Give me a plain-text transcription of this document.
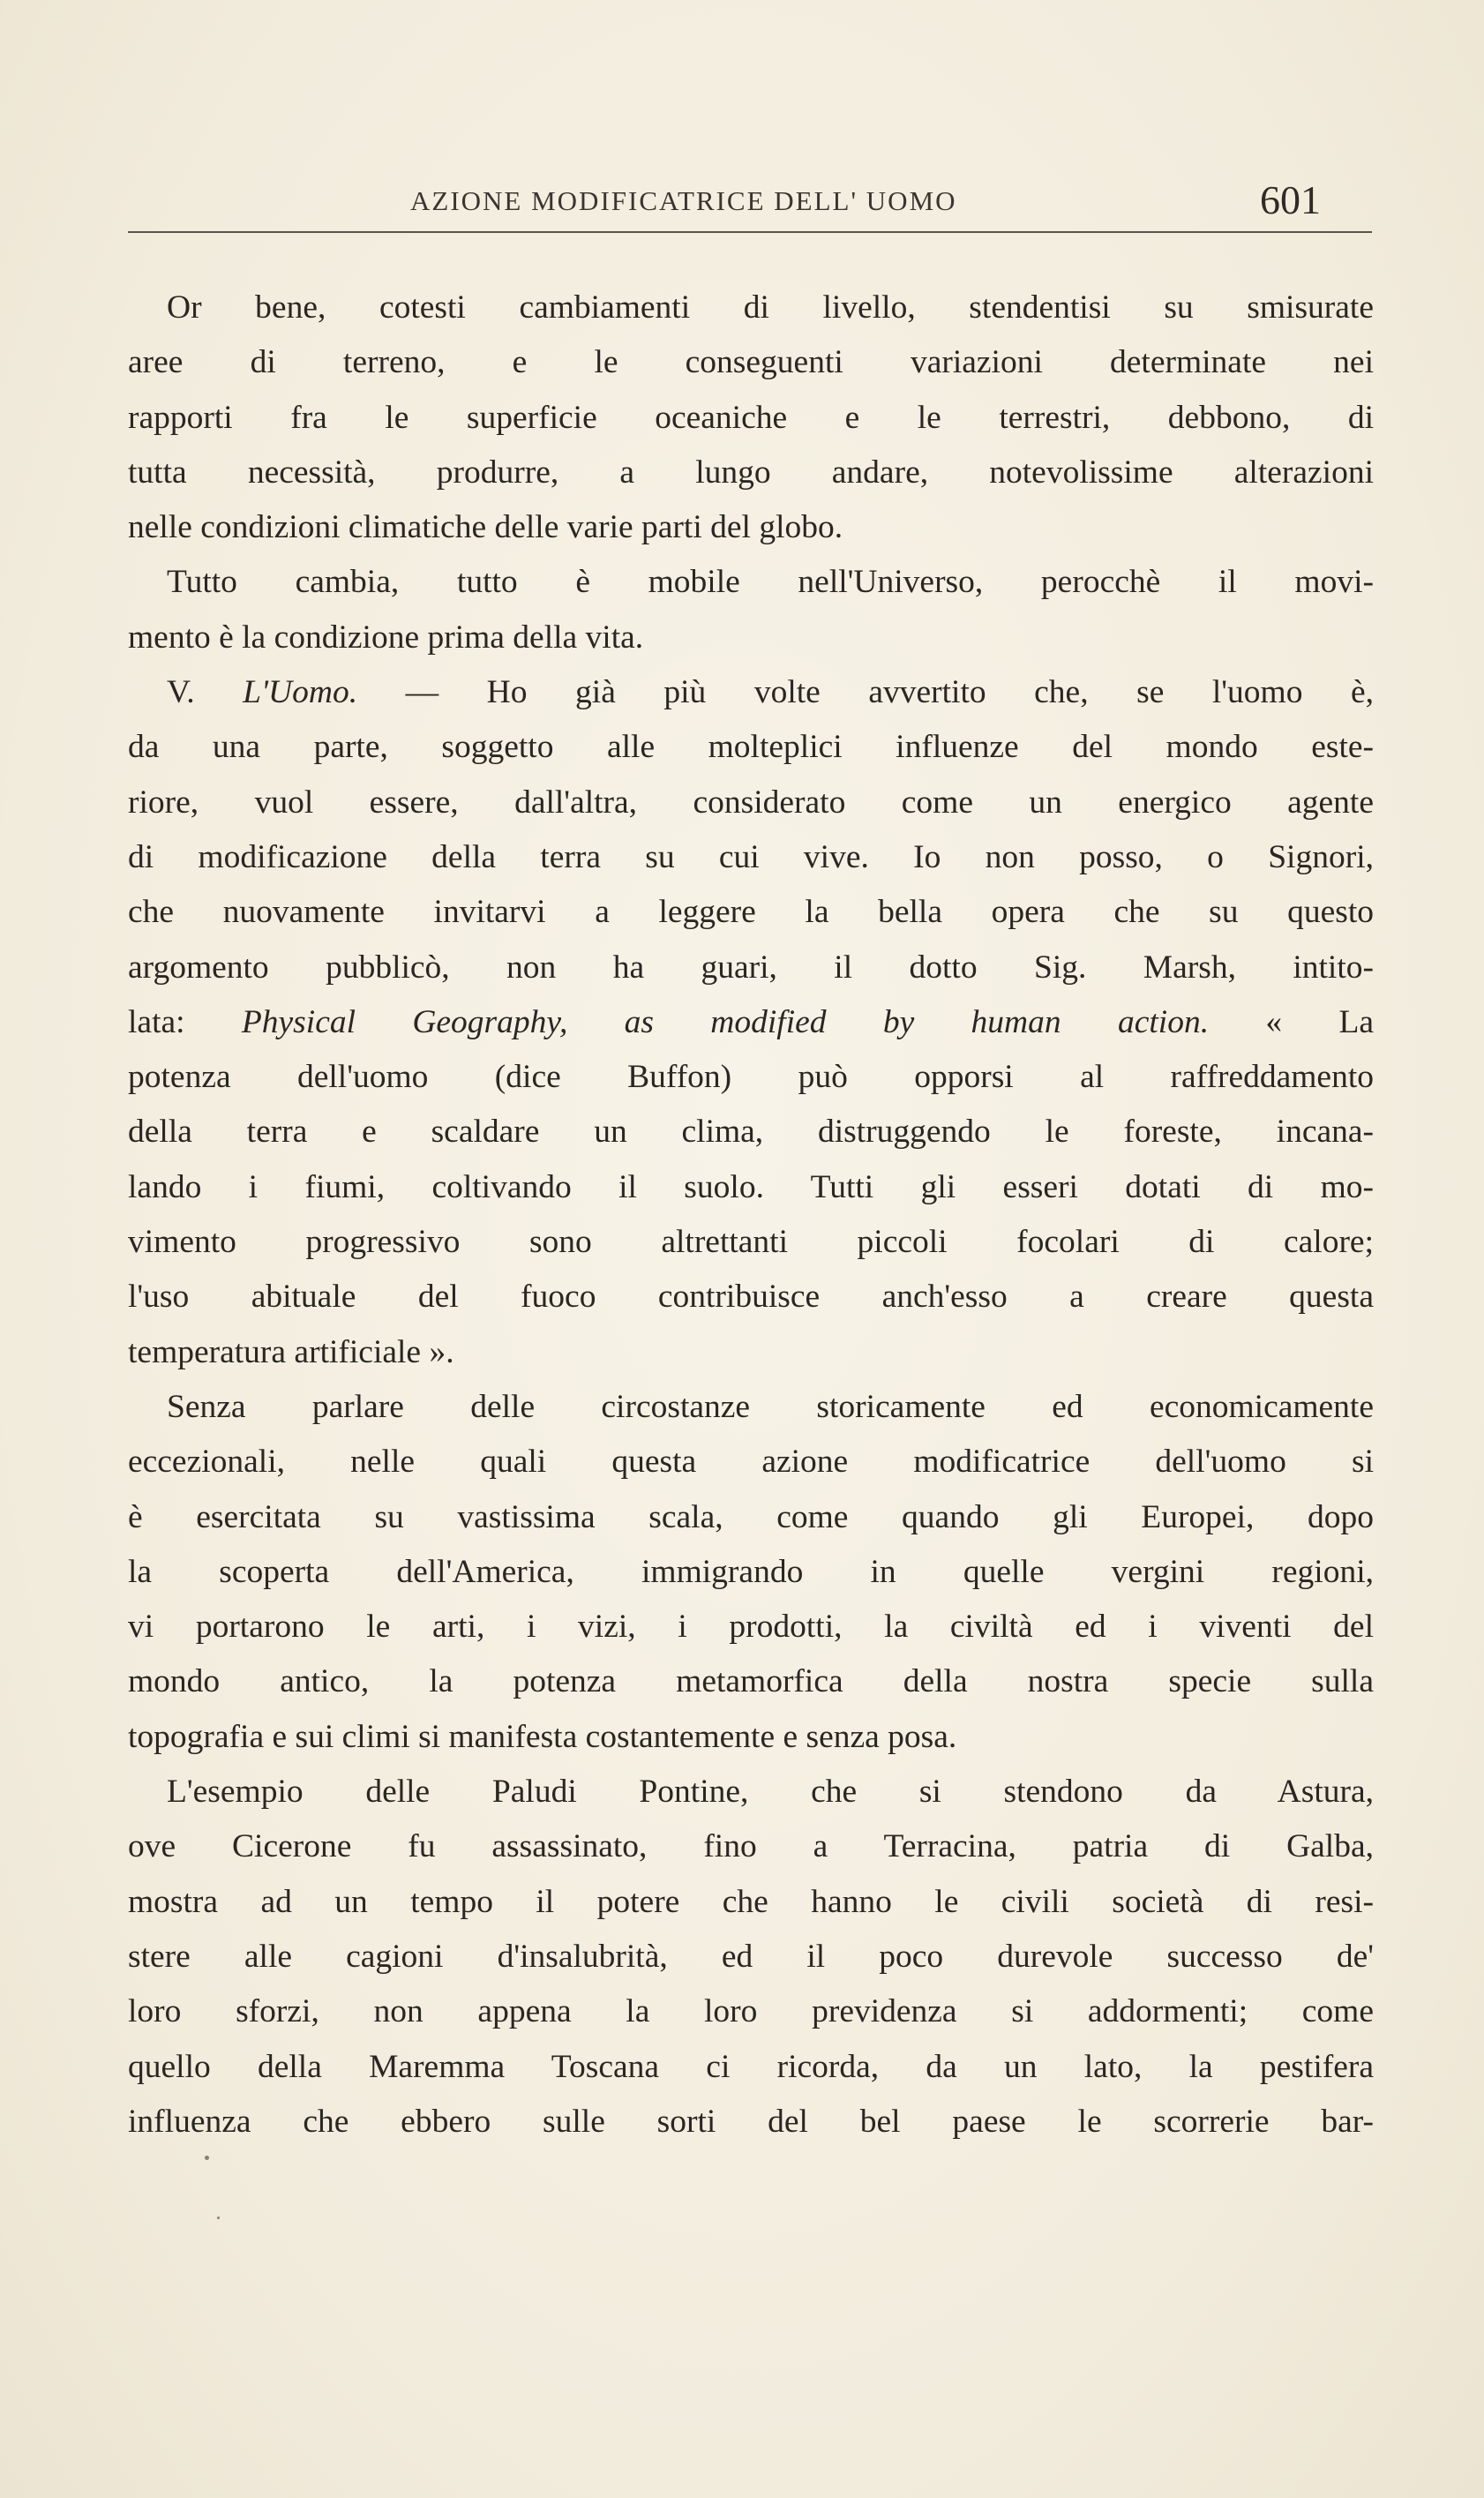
AZIONE MODIFICATRICE DELL' UOMO	601
Or bene, cotesti cambiamenti di livello, stendentisi su smisurate
aree di terreno, e le conseguenti variazioni determinate nei
rapporti fra le superficie oceaniche e le terrestri, debbono, di
tutta necessità, produrre, a lungo andare, notevolissime alterazioni
nelle condizioni climatiche delle varie parti del globo.
Tutto cambia, tutto è mobile nell'Universo, perocchè il movi-
mento è la condizione prima della vita.
V. L'Uomo. — Ho già più volte avvertito che, se l'uomo è,
da una parte, soggetto alle molteplici influenze del mondo este-
riore, vuol essere, dall'altra, considerato come un energico agente
di modificazione della terra su cui vive. Io non posso, o Signori,
che nuovamente invitarvi a leggere la bella opera che su questo
argomento pubblicò, non ha guari, il dotto Sig. Marsh, intito-
lata: Physical Geography, as modified by human action. « La
potenza dell'uomo (dice Buffon) può opporsi al raffreddamento
della terra e scaldare un clima, distruggendo le foreste, incana-
lando i fiumi, coltivando il suolo. Tutti gli esseri dotati di mo-
vimento progressivo sono altrettanti piccoli focolari di calore;
l'uso abituale del fuoco contribuisce anch'esso a creare questa
temperatura artificiale ».
Senza parlare delle circostanze storicamente ed economicamente
eccezionali, nelle quali questa azione modificatrice dell'uomo si
è esercitata su vastissima scala, come quando gli Europei, dopo
la scoperta dell'America, immigrando in quelle vergini regioni,
vi portarono le arti, i vizi, i prodotti, la civiltà ed i viventi del
mondo antico, la potenza metamorfica della nostra specie sulla
topografia e sui climi si manifesta costantemente e senza posa.
L'esempio delle Paludi Pontine, che si stendono da Astura,
ove Cicerone fu assassinato, fino a Terracina, patria di Galba,
mostra ad un tempo il potere che hanno le civili società di resi-
stere alle cagioni d'insalubrità, ed il poco durevole successo de'
loro sforzi, non appena la loro previdenza si addormenti; come
quello della Maremma Toscana ci ricorda, da un lato, la pestifera
influenza che ebbero sulle sorti del bel paese le scorrerie bar-
